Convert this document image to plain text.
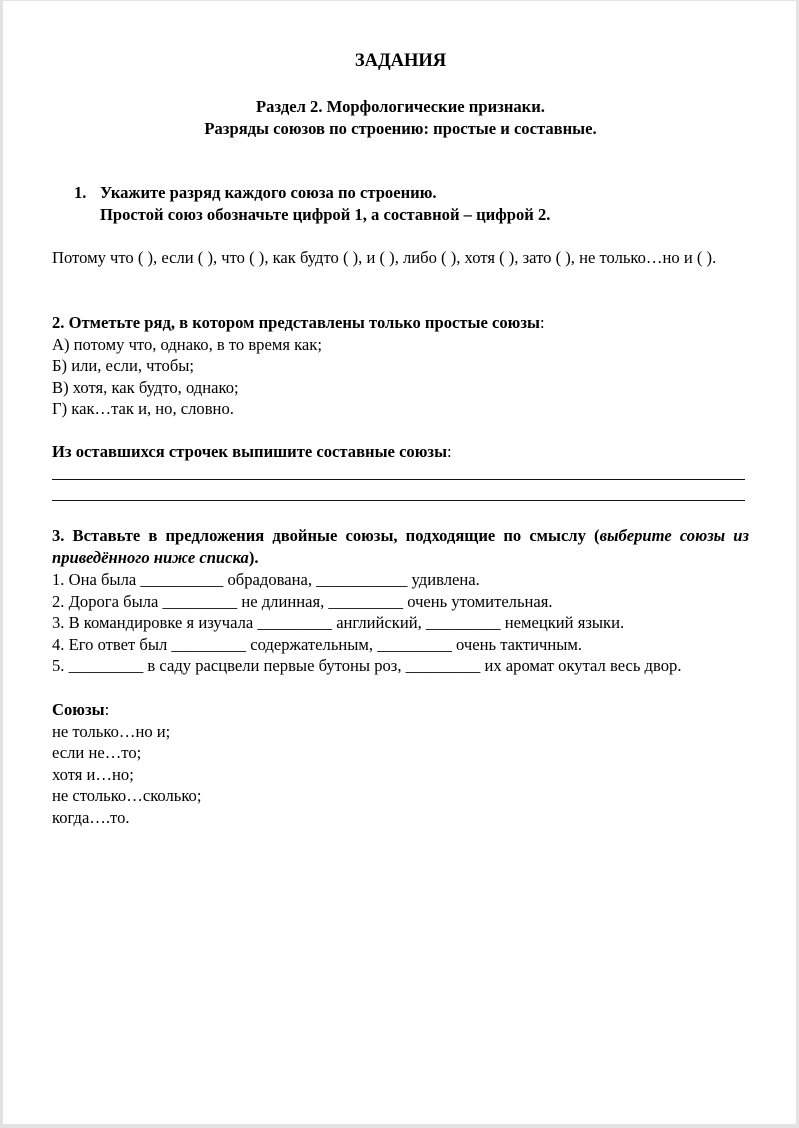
ЗАДАНИЯ
Раздел 2. Морфологические признаки.
Разряды союзов по строению: простые и составные.
1. Укажите разряд каждого союза по строению.
Простой союз обозначьте цифрой 1, а составной – цифрой 2.
Потому что ( ), если ( ), что ( ), как будто ( ), и ( ), либо ( ), хотя ( ), зато ( ), не только…но и ( ).
2. Отметьте ряд, в котором представлены только простые союзы:
А) потому что, однако, в то время как;
Б) или, если, чтобы;
В) хотя, как будто, однако;
Г) как…так и, но, словно.
Из оставшихся строчек выпишите составные союзы:
3. Вставьте в предложения двойные союзы, подходящие по смыслу (выберите союзы из приведённого ниже списка).
1. Она была __________ обрадована, ___________ удивлена.
2. Дорога была _________ не длинная, _________ очень утомительная.
3. В командировке я изучала _________ английский, _________ немецкий языки.
4. Его ответ был _________ содержательным, _________ очень тактичным.
5. _________ в саду расцвели первые бутоны роз, _________ их аромат окутал весь двор.
Союзы:
не только…но и;
если не…то;
хотя и…но;
не столько…сколько;
когда….то.
